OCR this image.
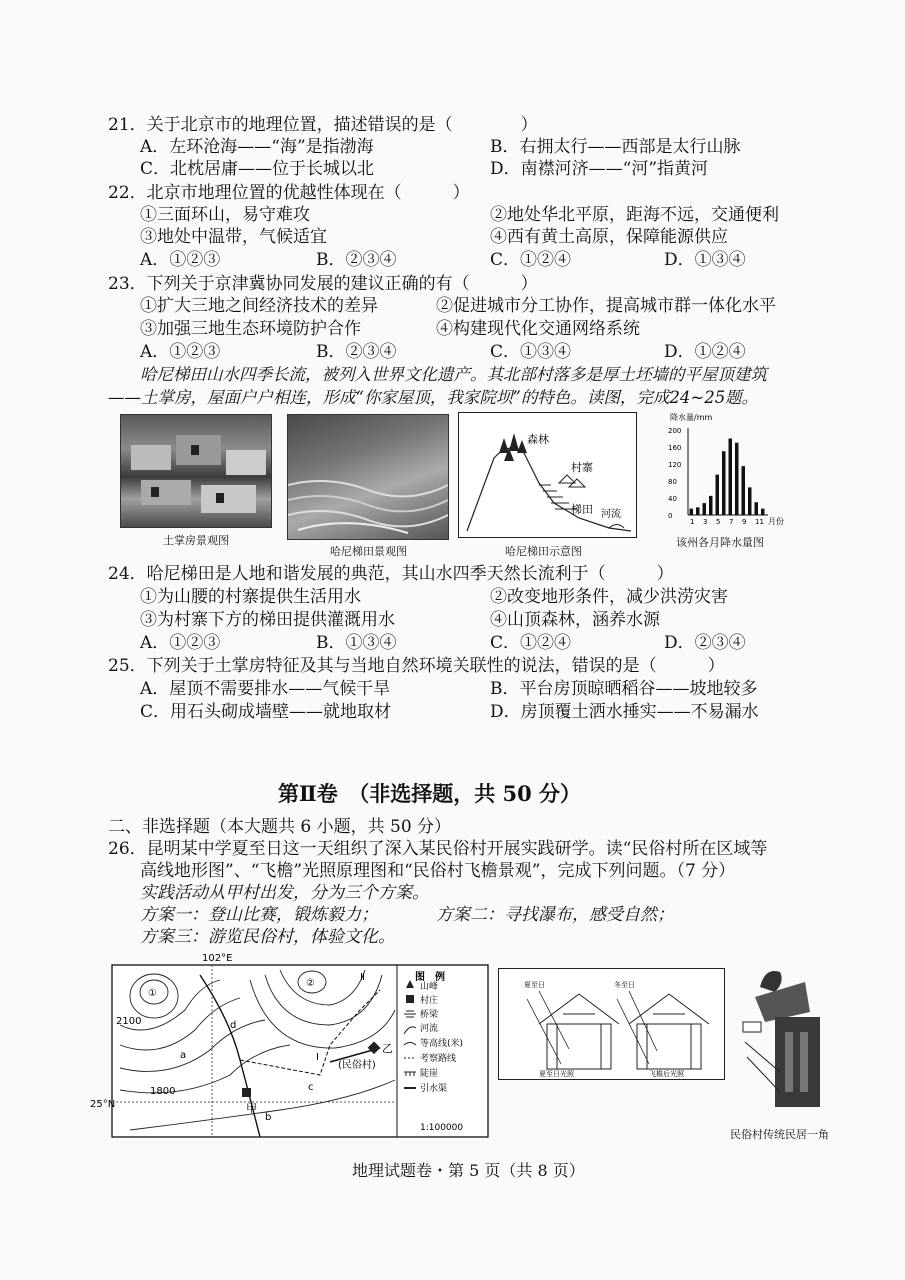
21．关于北京市的地理位置，描述错误的是（　　　　）
A．左环沧海——“海”是指渤海	B．右拥太行——西部是太行山脉
C．北枕居庸——位于长城以北	D．南襟河济——“河”指黄河
22．北京市地理位置的优越性体现在（　　　）
①三面环山，易守难攻	②地处华北平原，距海不远，交通便利
③地处中温带，气候适宜	④西有黄土高原，保障能源供应
A．①②③	B．②③④	C．①②④	D．①③④
23．下列关于京津冀协同发展的建议正确的有（　　　）
①扩大三地之间经济技术的差异	②促进城市分工协作，提高城市群一体化水平
③加强三地生态环境防护合作	④构建现代化交通网络系统
A．①②③	B．②③④	C．①③④	D．①②④
哈尼梯田山水四季长流，被列入世界文化遗产。其北部村落多是厚土坯墙的平屋顶建筑
——土掌房，屋面户户相连，形成“你家屋顶，我家院坝”的特色。读图，完成24~25题。
土掌房景观图
哈尼梯田景观图
森林
村寨
梯田 河流
哈尼梯田示意图
降水量/mm
月份
200
160
120
80
40
0
1 3 5 7 9 11
该州各月降水量图
24．哈尼梯田是人地和谐发展的典范，其山水四季天然长流利于（　　　）
①为山腰的村寨提供生活用水	②改变地形条件，减少洪涝灾害
③为村寨下方的梯田提供灌溉用水	④山顶森林，涵养水源
A．①②③	B．①③④	C．①②④	D．②③④
25．下列关于土掌房特征及其与当地自然环境关联性的说法，错误的是（　　　）
A．屋顶不需要排水——气候干旱	B．平台房顶晾晒稻谷——坡地较多
C．用石头砌成墙壁——就地取材	D．房顶覆土洒水捶实——不易漏水
第Ⅱ卷　（非选择题，共 50 分）
二、非选择题（本大题共 6 小题，共 50 分）
26．昆明某中学夏至日这一天组织了深入某民俗村开展实践研学。读“民俗村所在区域等
高线地形图”、“飞檐”光照原理图和“民俗村飞檐景观”，完成下列问题。（7 分）
实践活动从甲村出发，分为三个方案。
方案一：登山比赛，锻炼毅力；	方案二：寻找瀑布，感受自然；
方案三：游览民俗村，体验文化。
102°E
25°N
①
②
2100
1800
甲
乙
(民俗村)
a
b
c
d
Ⅱ
Ⅰ
图　例
山峰
村庄
桥梁
河流
等高线(米)
考察路线
陡崖
引水渠
1:100000
夏至日	冬至日
夏至日光照	飞檐后光照
民俗村传统民居一角
地理试题卷・第 5 页（共 8 页）
